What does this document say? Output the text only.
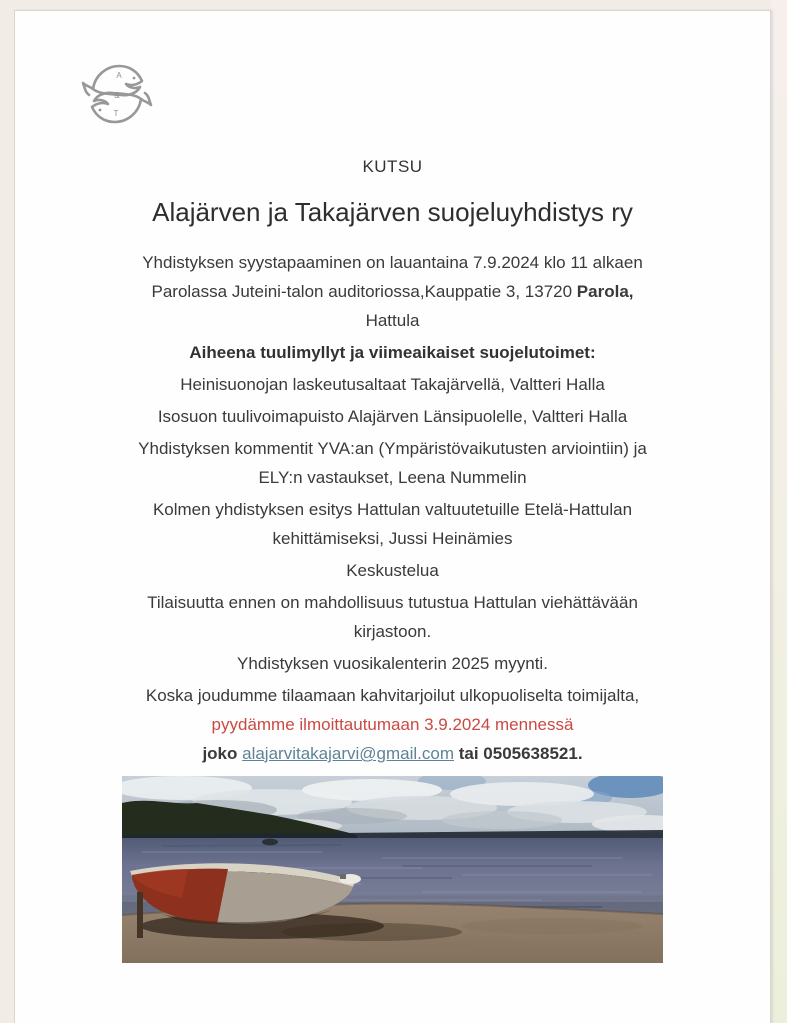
A
&
T
KUTSU
Alajärven ja Takajärven suojeluyhdistys ry
Yhdistyksen syystapaaminen on lauantaina 7.9.2024 klo 11 alkaen
Parolassa Juteini-talon auditoriossa,Kauppatie 3, 13720 Parola,
Hattula
Aiheena tuulimyllyt ja viimeaikaiset suojelutoimet:
Heinisuonojan laskeutusaltaat Takajärvellä, Valtteri Halla
Isosuon tuulivoimapuisto Alajärven Länsipuolelle, Valtteri Halla
Yhdistyksen kommentit YVA:an (Ympäristövaikutusten arviointiin) ja
ELY:n vastaukset, Leena Nummelin
Kolmen yhdistyksen esitys Hattulan valtuutetuille Etelä-Hattulan
kehittämiseksi, Jussi Heinämies
Keskustelua
Tilaisuutta ennen on mahdollisuus tutustua Hattulan viehättävään
kirjastoon.
Yhdistyksen vuosikalenterin 2025 myynti.
Koska joudumme tilaamaan kahvitarjoilut ulkopuoliselta toimijalta,
pyydämme ilmoittautumaan 3.9.2024 mennessä
joko alajarvitakajarvi@gmail.com tai 0505638521.
